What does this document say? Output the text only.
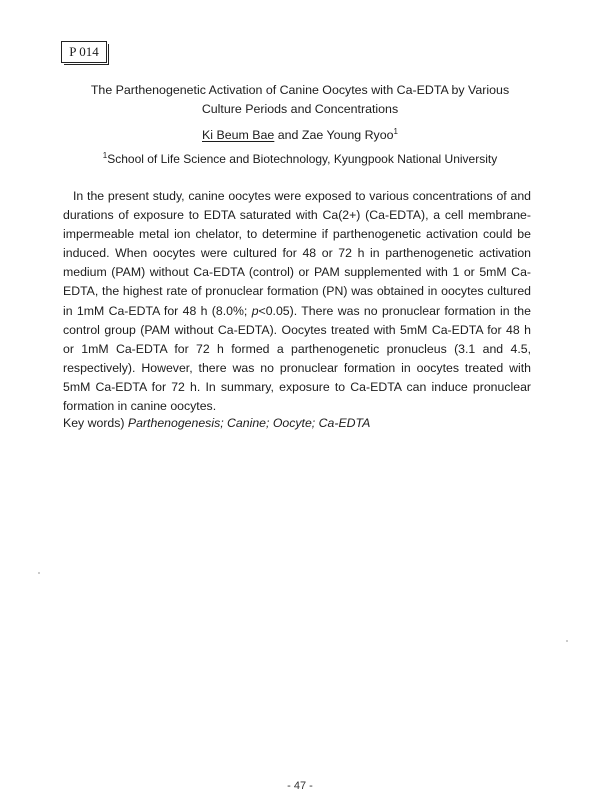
P 014
The Parthenogenetic Activation of Canine Oocytes with Ca-EDTA by Various
Culture Periods and Concentrations
Ki Beum Bae and Zae Young Ryoo$^1$
$^1$School of Life Science and Biotechnology, Kyungpook National University

In the present study, canine oocytes were exposed to various concentrations of and durations of exposure to EDTA saturated with Ca(2+) (Ca-EDTA), a cell membrane-impermeable metal ion chelator, to determine if parthenogenetic activation could be induced. When oocytes were cultured for 48 or 72 h in parthenogenetic activation medium (PAM) without Ca-EDTA (control) or PAM supplemented with 1 or 5mM Ca-EDTA, the highest rate of pronuclear formation (PN) was obtained in oocytes cultured in 1mM Ca-EDTA for 48 h (8.0%; p<0.05). There was no pronuclear formation in the control group (PAM without Ca-EDTA). Oocytes treated with 5mM Ca-EDTA for 48 h or 1mM Ca-EDTA for 72 h formed a parthenogenetic pronucleus (3.1 and 4.5, respectively). However, there was no pronuclear formation in oocytes treated with 5mM Ca-EDTA for 72 h. In summary, exposure to Ca-EDTA can induce pronuclear formation in canine oocytes.

Key words) Parthenogenesis; Canine; Oocyte; Ca-EDTA
- 47 -
